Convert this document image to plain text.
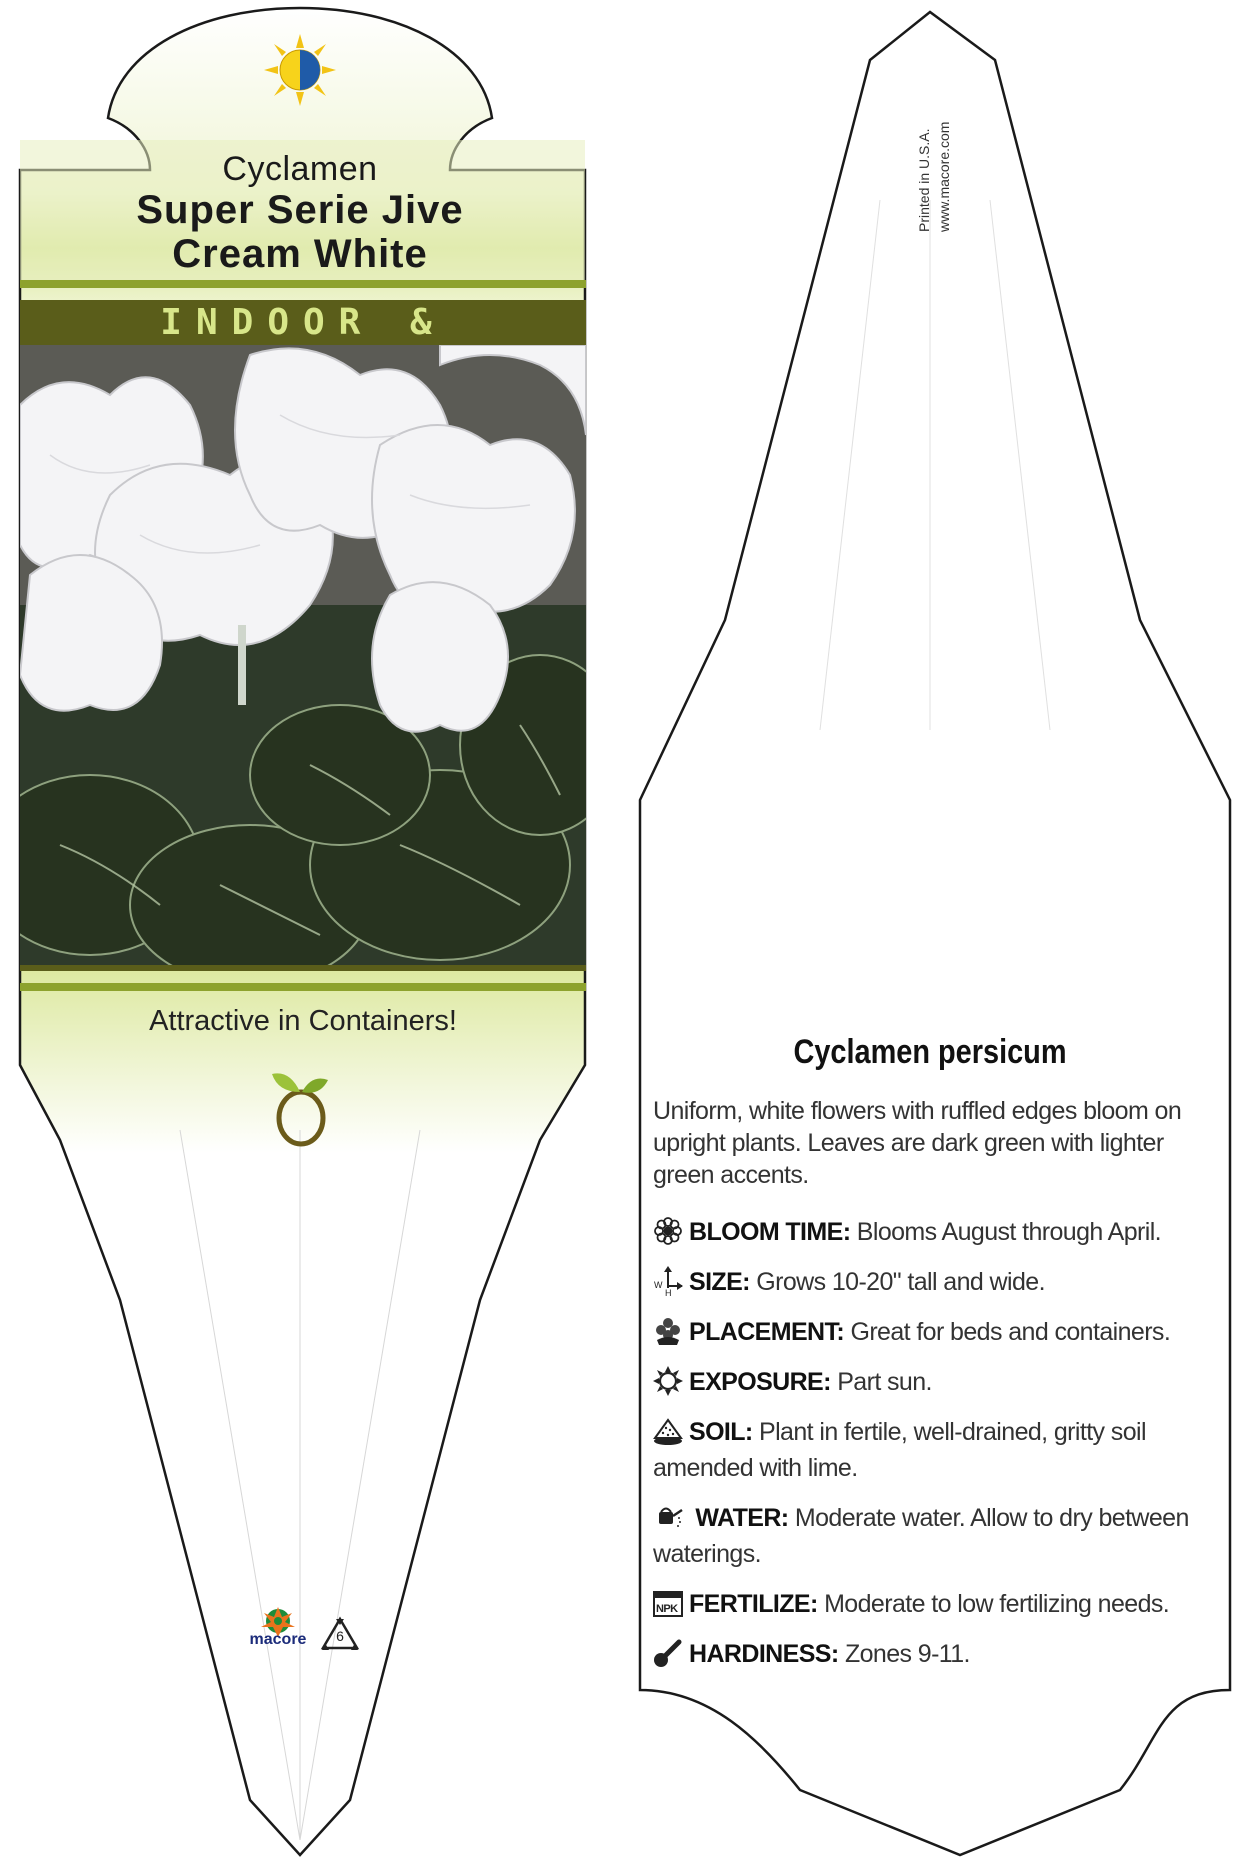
Cyclamen
Super Serie Jive
Cream White
INDOOR &
Attractive in Containers!
macore	6
Printed in U.S.A. www.macore.com
Cyclamen persicum
Uniform, white flowers with ruffled edges bloom on upright plants. Leaves are dark green with lighter green accents.
BLOOM TIME: Blooms August through April.
W
H SIZE: Grows 10-20" tall and wide.
PLACEMENT: Great for beds and containers.
EXPOSURE: Part sun.
SOIL: Plant in fertile, well-drained, gritty soil amended with lime.
WATER: Moderate water. Allow to dry between waterings.
NPK FERTILIZE: Moderate to low fertilizing needs.
HARDINESS: Zones 9-11.
